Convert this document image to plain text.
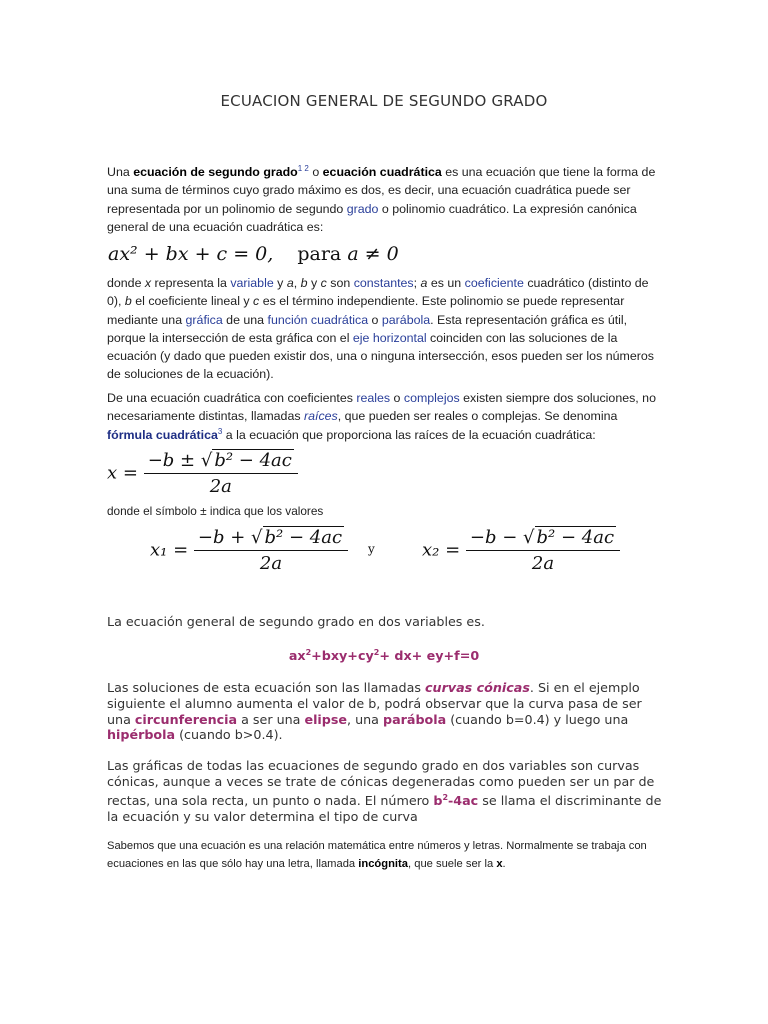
ECUACION GENERAL DE SEGUNDO GRADO
Una ecuación de segundo grado$^1$ $^2$ o ecuación cuadrática es una ecuación que tiene la forma de una suma de términos cuyo grado máximo es dos, es decir, una ecuación cuadrática puede ser representada por un polinomio de segundo grado o polinomio cuadrático. La expresión canónica general de una ecuación cuadrática es:
ax² + bx + c = 0, para a ≠ 0
donde x representa la variable y a, b y c son constantes; a es un coeficiente cuadrático (distinto de 0), b el coeficiente lineal y c es el término independiente. Este polinomio se puede representar mediante una gráfica de una función cuadrática o parábola. Esta representación gráfica es útil, porque la intersección de esta gráfica con el eje horizontal coinciden con las soluciones de la ecuación (y dado que pueden existir dos, una o ninguna intersección, esos pueden ser los números de soluciones de la ecuación).
De una ecuación cuadrática con coeficientes reales o complejos existen siempre dos soluciones, no necesariamente distintas, llamadas raíces, que pueden ser reales o complejas. Se denomina fórmula cuadrática$^3$ a la ecuación que proporciona las raíces de la ecuación cuadrática:
$x = \frac{\text{−b ± √ b² − 4ac}}{2a}$
donde el símbolo ± indica que los valores
$x_1 = \frac{\text{−b + √ b² − 4ac}}{2a}$ y	$x_2 = \frac{\text{−b − √ b² − 4ac}}{2a}$
La ecuación general de segundo grado en dos variables es.
$ax^2+bxy+cy^2+ dx+ ey+f=0$
Las soluciones de esta ecuación son las llamadas curvas cónicas. Si en el ejemplo siguiente el alumno aumenta el valor de b, podrá observar que la curva pasa de ser una circunferencia a ser una elipse, una parábola (cuando b=0.4) y luego una hipérbola (cuando b>0.4).
Las gráficas de todas las ecuaciones de segundo grado en dos variables son curvas cónicas, aunque a veces se trate de cónicas degeneradas como pueden ser un par de rectas, una sola recta, un punto o nada. El número $b^2-4ac$ se llama el discriminante de la ecuación y su valor determina el tipo de curva
Sabemos que una ecuación es una relación matemática entre números y letras. Normalmente se trabaja con ecuaciones en las que sólo hay una letra, llamada incógnita, que suele ser la x.
